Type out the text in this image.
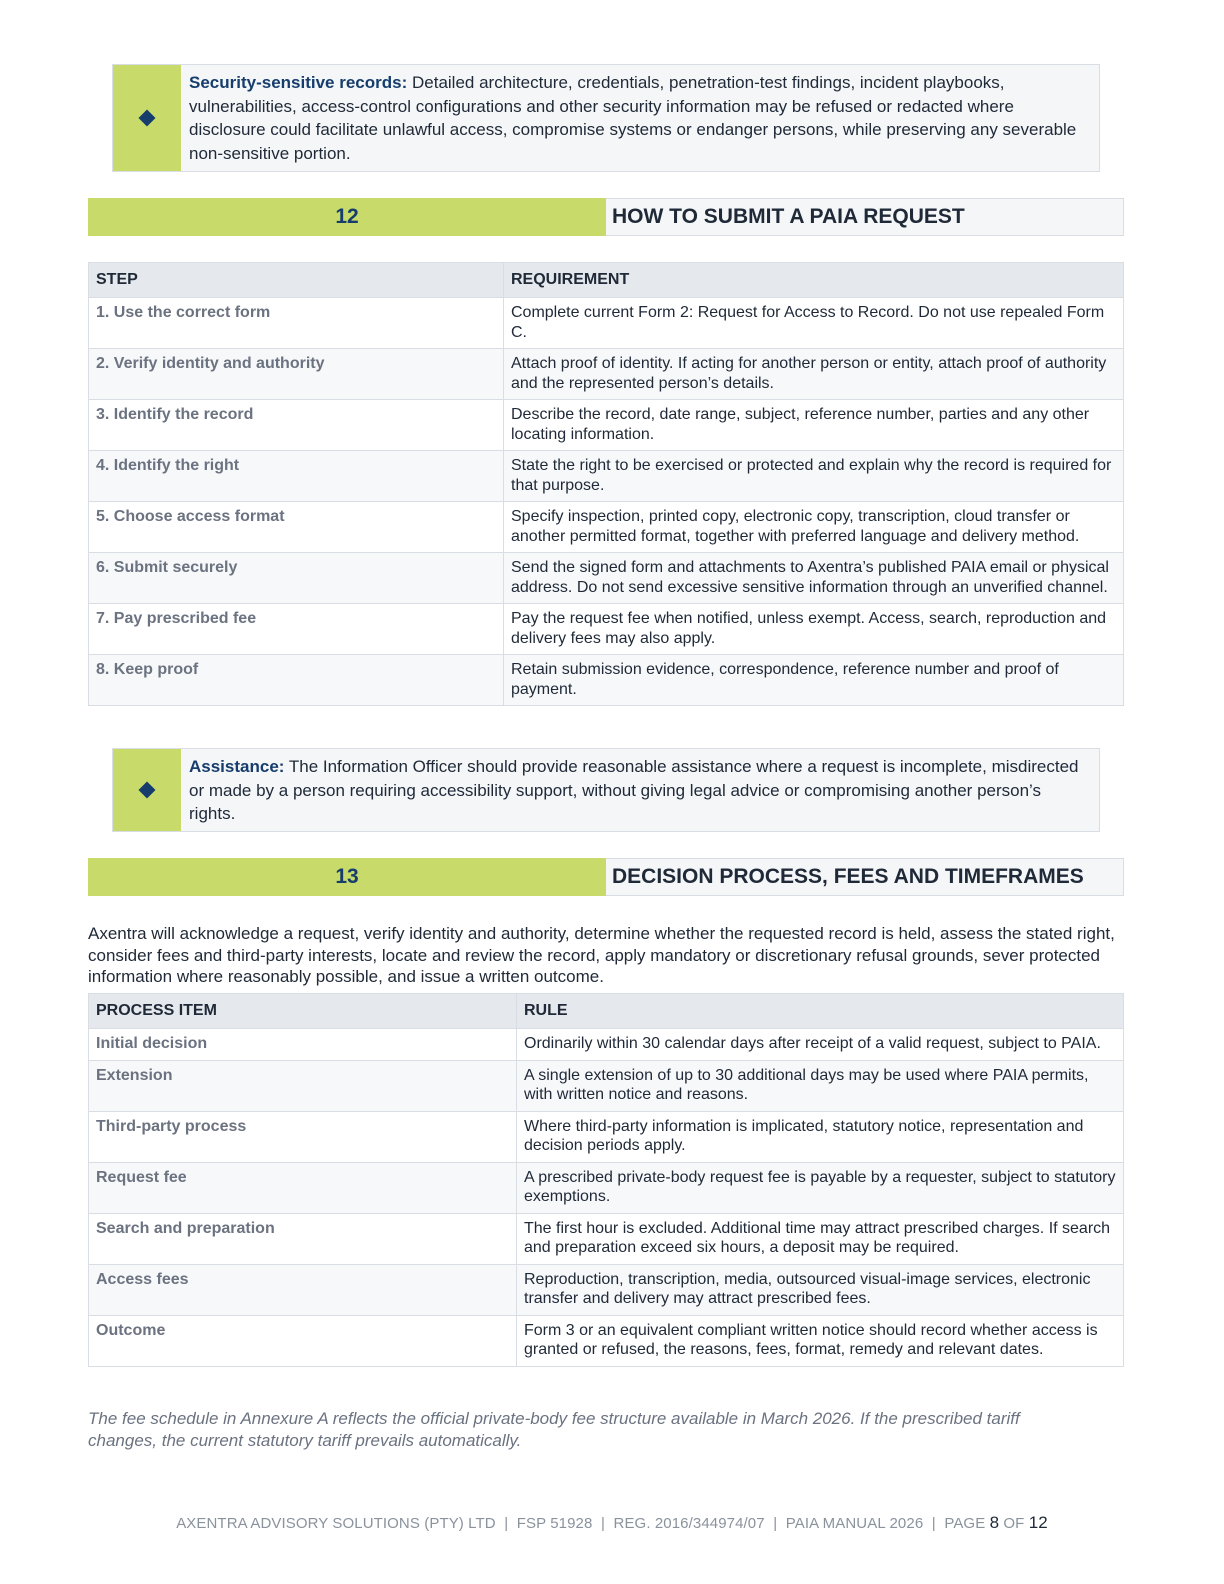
Security-sensitive records: Detailed architecture, credentials, penetration-test findings, incident playbooks, vulnerabilities, access-control configurations and other security information may be refused or redacted where disclosure could facilitate unlawful access, compromise systems or endanger persons, while preserving any severable non-sensitive portion.
12	HOW TO SUBMIT A PAIA REQUEST
STEP	REQUIREMENT
1. Use the correct form	Complete current Form 2: Request for Access to Record. Do not use repealed Form C.
2. Verify identity and authority	Attach proof of identity. If acting for another person or entity, attach proof of authority and the represented person’s details.
3. Identify the record	Describe the record, date range, subject, reference number, parties and any other locating information.
4. Identify the right	State the right to be exercised or protected and explain why the record is required for that purpose.
5. Choose access format	Specify inspection, printed copy, electronic copy, transcription, cloud transfer or another permitted format, together with preferred language and delivery method.
6. Submit securely	Send the signed form and attachments to Axentra’s published PAIA email or physical address. Do not send excessive sensitive information through an unverified channel.
7. Pay prescribed fee	Pay the request fee when notified, unless exempt. Access, search, reproduction and delivery fees may also apply.
8. Keep proof	Retain submission evidence, correspondence, reference number and proof of payment.
Assistance: The Information Officer should provide reasonable assistance where a request is incomplete, misdirected or made by a person requiring accessibility support, without giving legal advice or compromising another person’s rights.
13	DECISION PROCESS, FEES AND TIMEFRAMES
Axentra will acknowledge a request, verify identity and authority, determine whether the requested record is held, assess the stated right, consider fees and third-party interests, locate and review the record, apply mandatory or discretionary refusal grounds, sever protected information where reasonably possible, and issue a written outcome.
PROCESS ITEM	RULE
Initial decision	Ordinarily within 30 calendar days after receipt of a valid request, subject to PAIA.
Extension	A single extension of up to 30 additional days may be used where PAIA permits, with written notice and reasons.
Third-party process	Where third-party information is implicated, statutory notice, representation and decision periods apply.
Request fee	A prescribed private-body request fee is payable by a requester, subject to statutory exemptions.
Search and preparation	The first hour is excluded. Additional time may attract prescribed charges. If search and preparation exceed six hours, a deposit may be required.
Access fees	Reproduction, transcription, media, outsourced visual-image services, electronic transfer and delivery may attract prescribed fees.
Outcome	Form 3 or an equivalent compliant written notice should record whether access is granted or refused, the reasons, fees, format, remedy and relevant dates.
The fee schedule in Annexure A reflects the official private-body fee structure available in March 2026. If the prescribed tariff changes, the current statutory tariff prevails automatically.
AXENTRA ADVISORY SOLUTIONS (PTY) LTD  |  FSP 51928  |  REG. 2016/344974/07  |  PAIA MANUAL 2026  |  PAGE 8 OF 12
